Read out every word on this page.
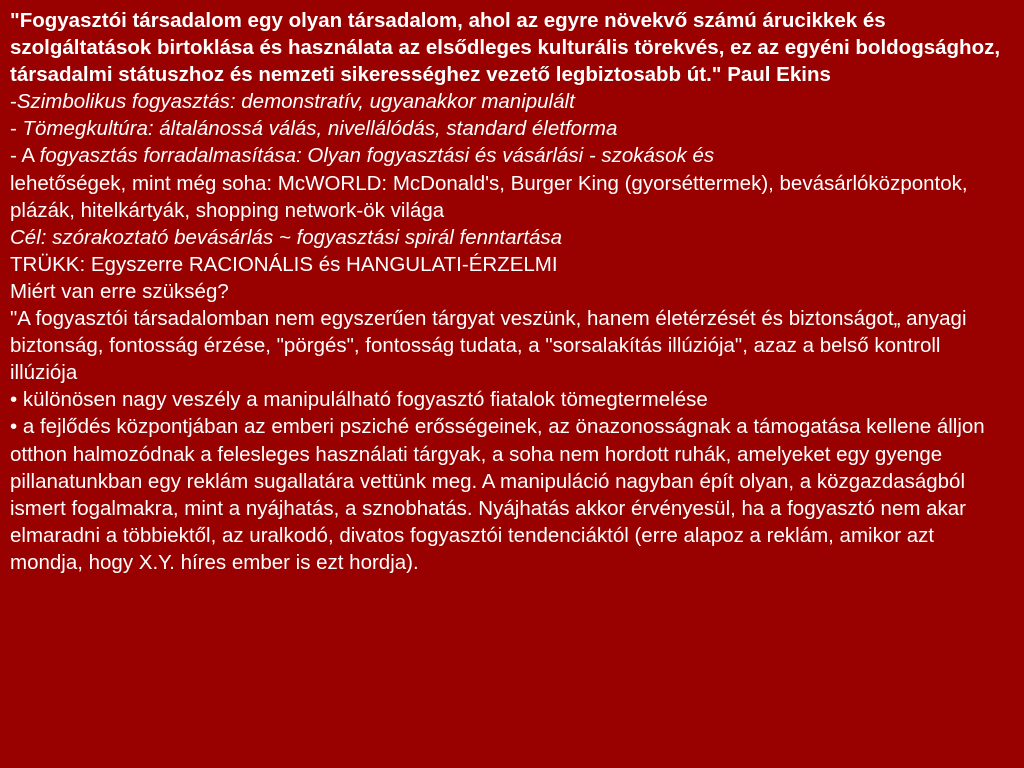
"Fogyasztói társadalom egy olyan társadalom, ahol az egyre növekvő számú árucikkek és szolgáltatások birtoklása és használata az elsődleges kulturális törekvés, ez az egyéni boldogsághoz, társadalmi státuszhoz és nemzeti sikerességhez vezető legbiztosabb út." Paul Ekins

-Szimbolikus fogyasztás: demonstratív, ugyanakkor manipulált

- Tömegkultúra: általánossá válás, nivellálódás, standard életforma

- A fogyasztás forradalmasítása: Olyan fogyasztási és vásárlási - szokások és
lehetőségek, mint még soha: McWORLD: McDonald's, Burger King (gyorséttermek), bevásárlóközpontok, plázák, hitelkártyák, shopping network-ök világa

Cél: szórakoztató bevásárlás ~ fogyasztási spirál fenntartása

TRÜKK: Egyszerre RACIONÁLIS és HANGULATI-ÉRZELMI

Miért van erre szükség?

"A fogyasztói társadalomban nem egyszerűen tárgyat veszünk, hanem életérzését és biztonságot„ anyagi biztonság, fontosság érzése, "pörgés", fontosság tudata, a "sorsalakítás illúziója", azaz a belső kontroll illúziója

• különösen nagy veszély a manipulálható fogyasztó fiatalok tömegtermelése

• a fejlődés központjában az emberi psziché erősségeinek, az önazonosságnak a támogatása kellene álljon otthon halmozódnak a felesleges használati tárgyak, a soha nem hordott ruhák, amelyeket egy gyenge pillanatunkban egy reklám sugallatára vettünk meg. A manipuláció nagyban épít olyan, a közgazdaságból ismert fogalmakra, mint a nyájhatás, a sznobhatás. Nyájhatás akkor érvényesül, ha a fogyasztó nem akar elmaradni a többiektől, az uralkodó, divatos fogyasztói tendenciáktól (erre alapoz a reklám, amikor azt mondja, hogy X.Y. híres ember is ezt hordja).
